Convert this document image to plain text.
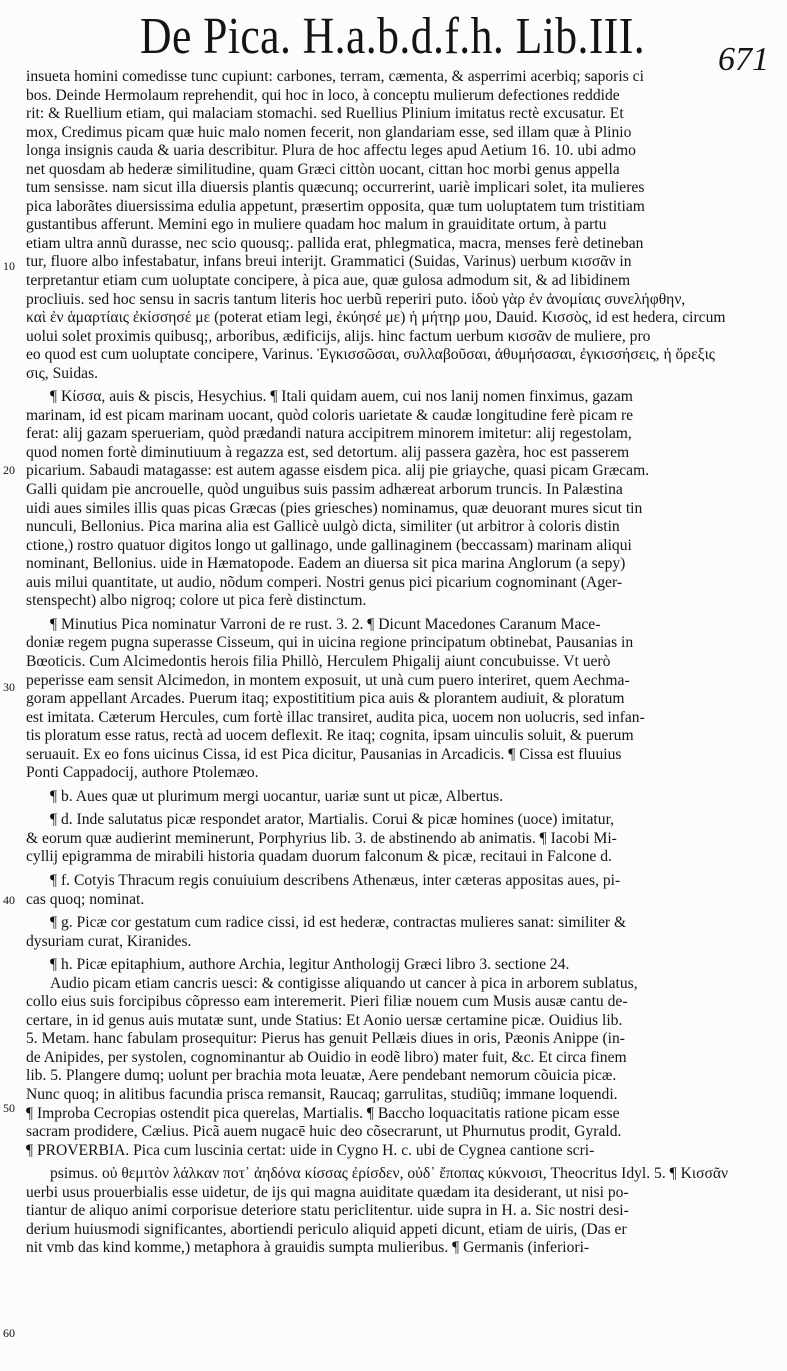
De Pica. H.a.b.d.f.h. Lib.III. 671
10
20
30
40
50
60
insueta homini comedisse tunc cupiunt: carbones, terram, cæmenta, & asperrimi acerbiq; saporis ci
bos. Deinde Hermolaum reprehendit, qui hoc in loco, à conceptu mulierum defectiones reddide
rit: & Ruellium etiam, qui malaciam stomachi. sed Ruellius Plinium imitatus rectè excusatur. Et
mox, Credimus picam quæ huic malo nomen fecerit, non glandariam esse, sed illam quæ à Plinio
longa insignis cauda & uaria describitur. Plura de hoc affectu leges apud Aetium 16. 10. ubi admo
net quosdam ab hederæ similitudine, quam Græci cittòn uocant, cittan hoc morbi genus appella
tum sensisse. nam sicut illa diuersis plantis quæcunq; occurrerint, uariè implicari solet, ita mulieres
pica laborãtes diuersissima edulia appetunt, præsertim opposita, quæ tum uoluptatem tum tristitiam
gustantibus afferunt. Memini ego in muliere quadam hoc malum in grauiditate ortum, à partu
etiam ultra annũ durasse, nec scio quousq;. pallida erat, phlegmatica, macra, menses ferè detineban
tur, fluore albo infestabatur, infans breui interijt. Grammatici (Suidas, Varinus) uerbum κισσᾶν in
terpretantur etiam cum uoluptate concipere, à pica aue, quæ gulosa admodum sit, & ad libidinem
procliuis. sed hoc sensu in sacris tantum literis hoc uerbũ reperiri puto. ἰδοὺ γὰρ ἐν ἀνομίαις συνελήφθην,
καὶ ἐν ἁμαρτίαις ἐκίσσησέ με (poterat etiam legi, ἐκύησέ με) ἡ μήτηρ μου, Dauid. Κισσὸς, id est hedera, circum
uolui solet proximis quibusq;, arboribus, ædificijs, alijs. hinc factum uerbum κισσᾶν de muliere, pro
eo quod est cum uoluptate concipere, Varinus. Ἐγκισσῶσαι, συλλαβοῦσαι, ἀθυμήσασαι, ἐγκισσήσεις, ἡ ὄρεξις
σις, Suidas.
¶ Κίσσα, auis & piscis, Hesychius. ¶ Itali quidam auem, cui nos lanij nomen finximus, gazam
marinam, id est picam marinam uocant, quòd coloris uarietate & caudæ longitudine ferè picam re
ferat: alij gazam sperueriam, quòd prædandi natura accipitrem minorem imitetur: alij regestolam,
quod nomen fortè diminutiuum à regazza est, sed detortum. alij passera gazèra, hoc est passerem
picarium. Sabaudi matagasse: est autem agasse eisdem pica. alij pie griayche, quasi picam Græcam.
Galli quidam pie ancrouelle, quòd unguibus suis passim adhæreat arborum truncis. In Palæstina
uidi aues similes illis quas picas Græcas (pies griesches) nominamus, quæ deuorant mures sicut tin
nunculi, Bellonius. Pica marina alia est Gallicè uulgò dicta, similiter (ut arbitror à coloris distin
ctione,) rostro quatuor digitos longo ut gallinago, unde gallinaginem (beccassam) marinam aliqui
nominant, Bellonius. uide in Hæmatopode. Eadem an diuersa sit pica marina Anglorum (a sepy)
auis milui quantitate, ut audio, nõdum comperi. Nostri genus pici picarium cognominant (Ager-
stenspecht) albo nigroq; colore ut pica ferè distinctum.
¶ Minutius Pica nominatur Varroni de re rust. 3. 2. ¶ Dicunt Macedones Caranum Mace-
doniæ regem pugna superasse Cisseum, qui in uicina regione principatum obtinebat, Pausanias in
Bœoticis. Cum Alcimedontis herois filia Phillò, Herculem Phigalij aiunt concubuisse. Vt uerò
peperisse eam sensit Alcimedon, in montem exposuit, ut unà cum puero interiret, quem Aechma-
goram appellant Arcades. Puerum itaq; expostititium pica auis & plorantem audiuit, & ploratum
est imitata. Cæterum Hercules, cum fortè illac transiret, audita pica, uocem non uolucris, sed infan-
tis ploratum esse ratus, rectà ad uocem deflexit. Re itaq; cognita, ipsam uinculis soluit, & puerum
seruauit. Ex eo fons uicinus Cissa, id est Pica dicitur, Pausanias in Arcadicis. ¶ Cissa est fluuius
Ponti Cappadocij, authore Ptolemæo.
¶ b. Aues quæ ut plurimum mergi uocantur, uariæ sunt ut picæ, Albertus.
¶ d. Inde salutatus picæ respondet arator, Martialis. Corui & picæ homines (uoce) imitatur,
& eorum quæ audierint meminerunt, Porphyrius lib. 3. de abstinendo ab animatis. ¶ Iacobi Mi-
cyllij epigramma de mirabili historia quadam duorum falconum & picæ, recitaui in Falcone d.
¶ f. Cotyis Thracum regis conuiuium describens Athenæus, inter cæteras appositas aues, pi-
cas quoq; nominat.
¶ g. Picæ cor gestatum cum radice cissi, id est hederæ, contractas mulieres sanat: similiter &
dysuriam curat, Kiranides.
¶ h. Picæ epitaphium, authore Archia, legitur Anthologij Græci libro 3. sectione 24.
Audio picam etiam cancris uesci: & contigisse aliquando ut cancer à pica in arborem sublatus,
collo eius suis forcipibus cõpresso eam interemerit. Pieri filiæ nouem cum Musis ausæ cantu de-
certare, in id genus auis mutatæ sunt, unde Statius: Et Aonio uersæ certamine picæ. Ouidius lib.
5. Metam. hanc fabulam prosequitur: Pierus has genuit Pellæis diues in oris, Pæonis Anippe (in-
de Anipides, per systolen, cognominantur ab Ouidio in eodẽ libro) mater fuit, &c. Et circa finem
lib. 5. Plangere dumq; uolunt per brachia mota leuatæ, Aere pendebant nemorum cõuicia picæ.
Nunc quoq; in alitibus facundia prisca remansit, Raucaq; garrulitas, studiũq; immane loquendi.
¶ Improba Cecropias ostendit pica querelas, Martialis. ¶ Baccho loquacitatis ratione picam esse
sacram prodidere, Cælius. Picã auem nugacē huic deo cõsecrarunt, ut Phurnutus prodit, Gyrald.
¶ PROVERBIA. Pica cum luscinia certat: uide in Cygno H. c. ubi de Cygnea cantione scri-
psimus. οὐ θεμιτὸν λάλκαν ποτ᾽ ἀηδόνα κίσσας ἐρίσδεν, οὐδ᾽ ἔποπας κύκνοισι, Theocritus Idyl. 5. ¶ Κισσᾶν
uerbi usus prouerbialis esse uidetur, de ijs qui magna auiditate quædam ita desiderant, ut nisi po-
tiantur de aliquo animi corporisue deteriore statu periclitentur. uide supra in H. a. Sic nostri desi-
derium huiusmodi significantes, abortiendi periculo aliquid appeti dicunt, etiam de uiris, (Das er
nit vmb das kind komme,) metaphora à grauidis sumpta mulieribus. ¶ Germanis (inferiori-
